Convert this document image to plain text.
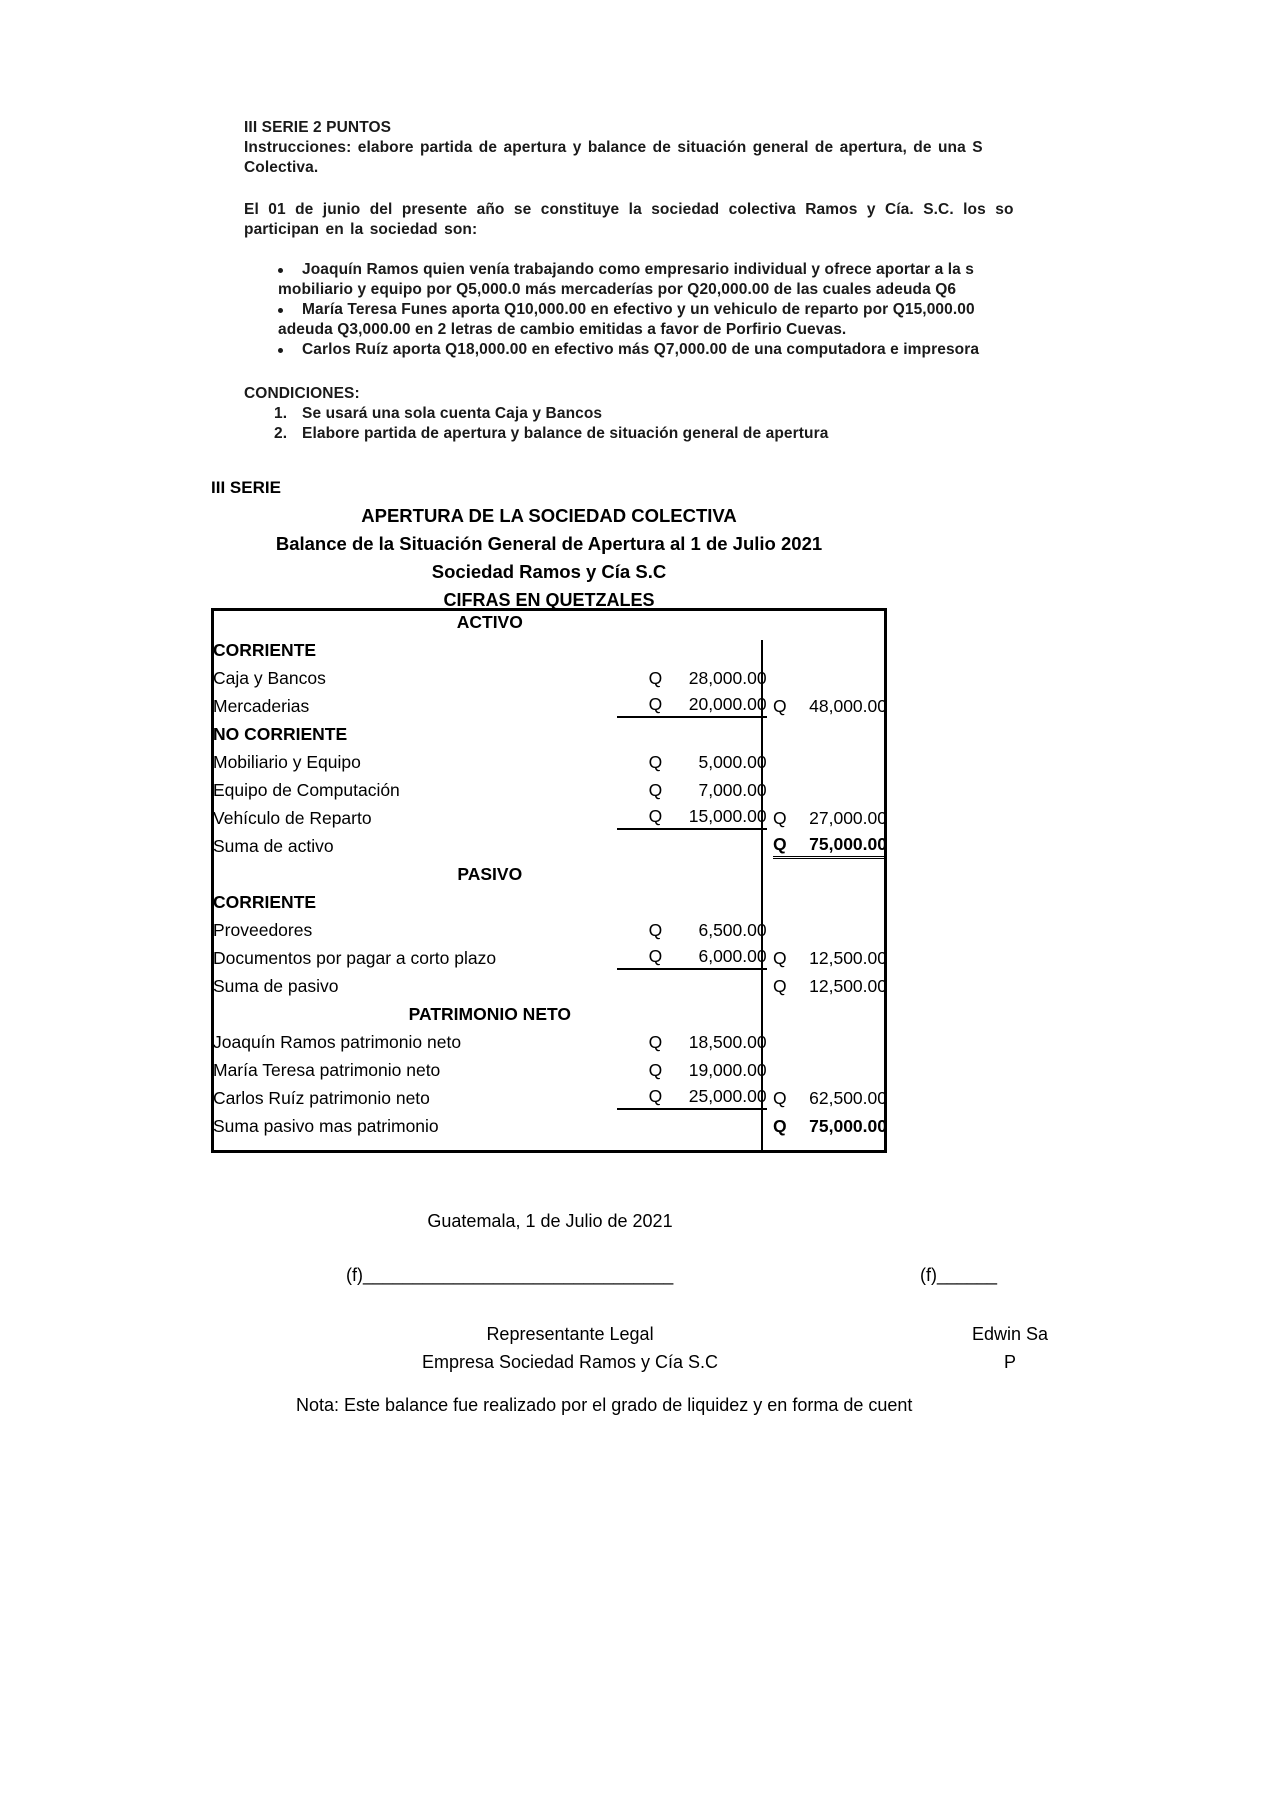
III SERIE 2 PUNTOS
Instrucciones: elabore partida de apertura y balance de situación general de apertura, de una S
Colectiva.
El 01 de junio del presente año se constituye la sociedad colectiva Ramos y Cía. S.C. los so
participan en la sociedad son:
Joaquín Ramos quien venía trabajando como empresario individual y ofrece aportar a la s
mobiliario y equipo por Q5,000.0 más mercaderías por Q20,000.00 de las cuales adeuda Q6
María Teresa Funes aporta Q10,000.00 en efectivo y un vehiculo de reparto por Q15,000.00
adeuda Q3,000.00 en 2 letras de cambio emitidas a favor de Porfirio Cuevas.
Carlos Ruíz aporta Q18,000.00 en efectivo más Q7,000.00 de una computadora e impresora
CONDICIONES:
1. Se usará una sola cuenta Caja y Bancos
2. Elabore partida de apertura y balance de situación general de apertura
III SERIE
APERTURA DE LA SOCIEDAD COLECTIVA
Balance de la Situación General de Apertura al 1 de Julio 2021
Sociedad Ramos y Cía S.C
CIFRAS EN QUETZALES
ACTIVO		
CORRIENTE		
Caja y Bancos	Q 28,000.00	
Mercaderias	Q 20,000.00	Q 48,000.00
NO CORRIENTE		
Mobiliario y Equipo	Q 5,000.00	
Equipo de Computación	Q 7,000.00	
Vehículo de Reparto	Q 15,000.00	Q 27,000.00
Suma de activo		Q 75,000.00
PASIVO		
CORRIENTE		
Proveedores	Q 6,500.00	
Documentos por pagar a corto plazo	Q 6,000.00	Q 12,500.00
Suma de pasivo		Q 12,500.00
PATRIMONIO NETO		
Joaquín Ramos patrimonio neto	Q 18,500.00	
María Teresa patrimonio neto	Q 19,000.00	
Carlos Ruíz patrimonio neto	Q 25,000.00	Q 62,500.00
Suma pasivo mas patrimonio		Q 75,000.00
Guatemala, 1 de Julio de 2021
(f)_______________________________	(f)______
Representante Legal
Empresa Sociedad Ramos y Cía S.C
Edwin Sa
P
Nota: Este balance fue realizado por el grado de liquidez y en forma de cuent
